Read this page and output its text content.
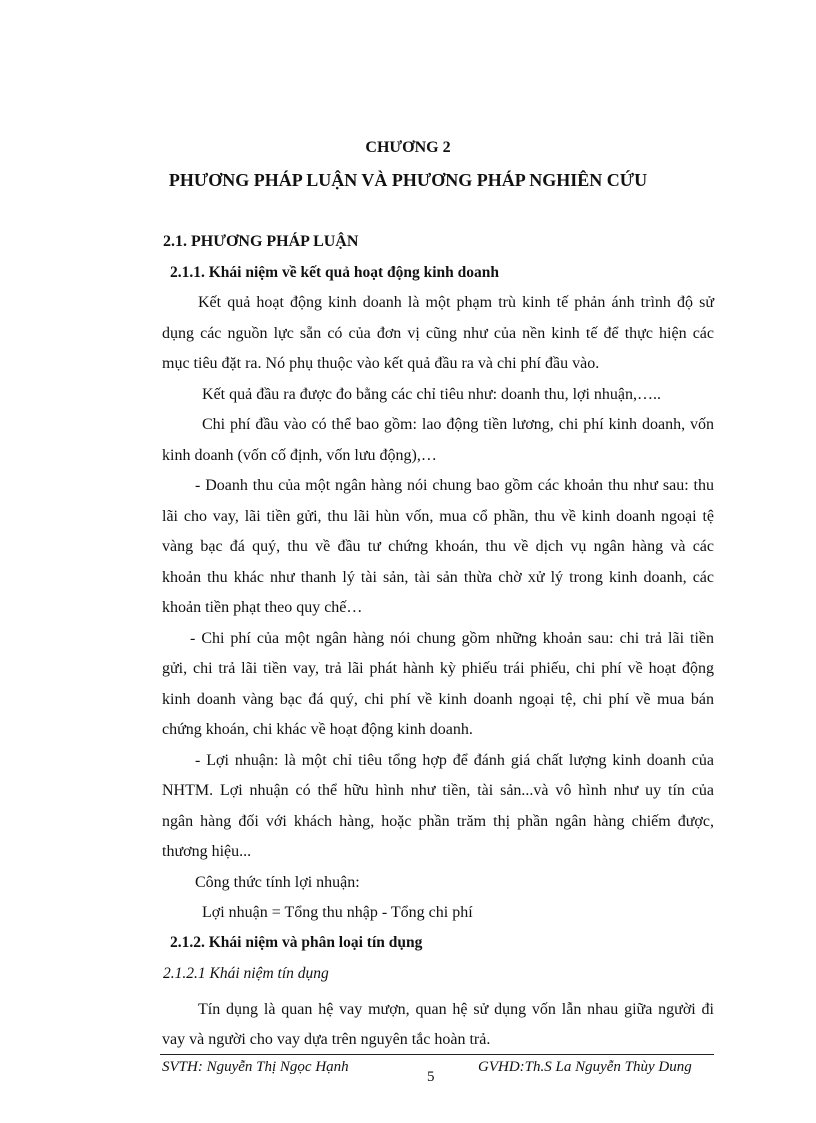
CHƯƠNG 2
PHƯƠNG PHÁP LUẬN VÀ PHƯƠNG PHÁP NGHIÊN CỨU
2.1. PHƯƠNG PHÁP LUẬN
2.1.1. Khái niệm về kết quả hoạt động kinh doanh
Kết quả hoạt động kinh doanh là một phạm trù kinh tế phản ánh trình độ sử
dụng các nguồn lực sẵn có của đơn vị cũng như của nền kinh tế để thực hiện các
mục tiêu đặt ra. Nó phụ thuộc vào kết quả đầu ra và chi phí đầu vào.
Kết quả đầu ra được đo bằng các chỉ tiêu như: doanh thu, lợi nhuận,…..
Chi phí đầu vào có thể bao gồm: lao động tiền lương, chi phí kinh doanh, vốn
kinh doanh (vốn cố định, vốn lưu động),…
- Doanh thu của một ngân hàng nói chung bao gồm các khoản thu như sau: thu
lãi cho vay, lãi tiền gửi, thu lãi hùn vốn, mua cổ phần, thu về kinh doanh ngoại tệ
vàng bạc đá quý, thu về đầu tư chứng khoán, thu về dịch vụ ngân hàng và các
khoản thu khác như thanh lý tài sản, tài sản thừa chờ xử lý trong kinh doanh, các
khoản tiền phạt theo quy chế…
- Chi phí của một ngân hàng nói chung gồm những khoản sau: chi trả lãi tiền
gửi, chi trả lãi tiền vay, trả lãi phát hành kỳ phiếu trái phiếu, chi phí về hoạt động
kinh doanh vàng bạc đá quý, chi phí về kinh doanh ngoại tệ, chi phí về mua bán
chứng khoán, chi khác về hoạt động kinh doanh.
- Lợi nhuận: là một chỉ tiêu tổng hợp để đánh giá chất lượng kinh doanh của
NHTM. Lợi nhuận có thể hữu hình như tiền, tài sản...và vô hình như uy tín của
ngân hàng đối với khách hàng, hoặc phần trăm thị phần ngân hàng chiếm được,
thương hiệu...
Công thức tính lợi nhuận:
Lợi nhuận = Tổng thu nhập - Tổng chi phí
2.1.2. Khái niệm và phân loại tín dụng
2.1.2.1 Khái niệm tín dụng
Tín dụng là quan hệ vay mượn, quan hệ sử dụng vốn lẫn nhau giữa người đi
vay và người cho vay dựa trên nguyên tắc hoàn trả.
SVTH: Nguyễn Thị Ngọc Hạnh
5
GVHD:Th.S La Nguyễn Thùy Dung
